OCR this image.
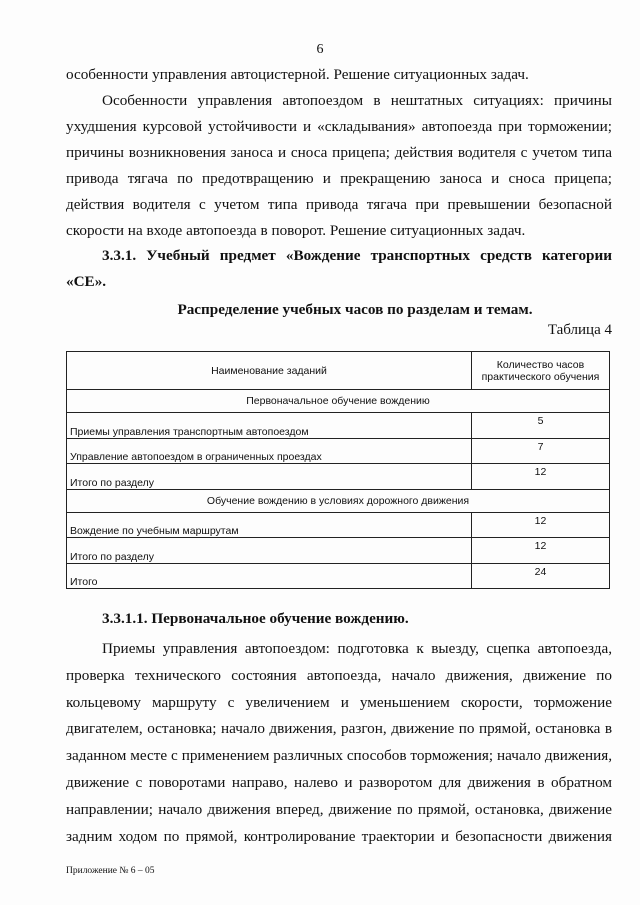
6
особенности управления автоцистерной. Решение ситуационных задач.
Особенности управления автопоездом в нештатных ситуациях: причины
ухудшения курсовой устойчивости и «складывания» автопоезда при торможении;
причины возникновения заноса и сноса прицепа; действия водителя с учетом типа
привода тягача по предотвращению и прекращению заноса и сноса прицепа;
действия водителя с учетом типа привода тягача при превышении безопасной
скорости на входе автопоезда в поворот. Решение ситуационных задач.
3.3.1. Учебный предмет «Вождение транспортных средств категории
«СЕ».
Распределение учебных часов по разделам и темам.
Таблица 4
Наименование заданий	Количество часов
практического обучения

Первоначальное обучение вождению	
Приемы управления транспортным автопоездом	5
Управление автопоездом в ограниченных проездах	7
Итого по разделу	12
Обучение вождению в условиях дорожного движения	
Вождение по учебным маршрутам	12
Итого по разделу	12
Итого	24
3.3.1.1. Первоначальное обучение вождению.
Приемы управления автопоездом: подготовка к выезду, сцепка автопоезда,
проверка технического состояния автопоезда, начало движения, движение по
кольцевому маршруту с увеличением и уменьшением скорости, торможение
двигателем, остановка; начало движения, разгон, движение по прямой, остановка в
заданном месте с применением различных способов торможения; начало движения,
движение с поворотами направо, налево и разворотом для движения в обратном
направлении; начало движения вперед, движение по прямой, остановка, движение
задним ходом по прямой, контролирование траектории и безопасности движения
Приложение № 6 – 05
